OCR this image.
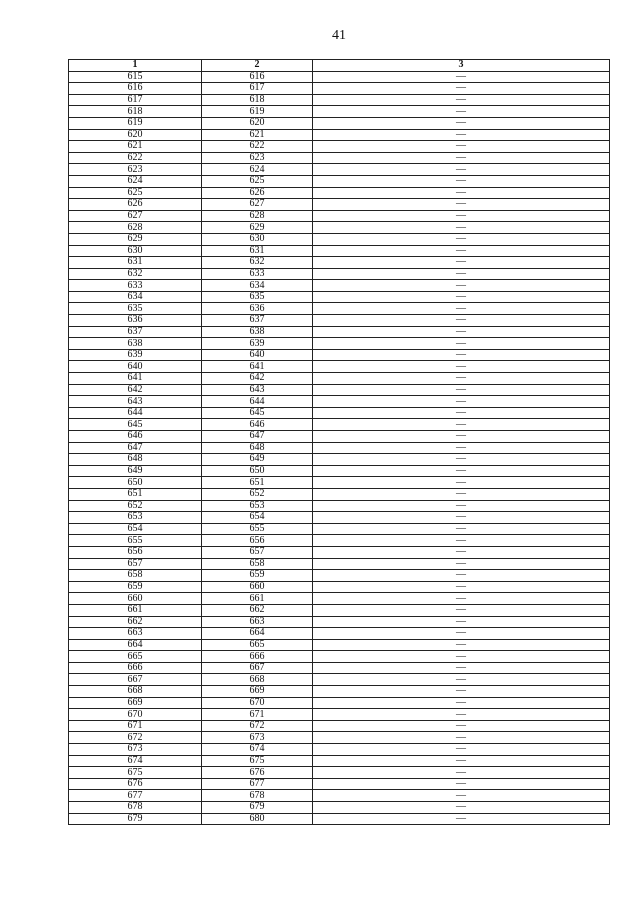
41
1	2	3
615	616	—
616	617	—
617	618	—
618	619	—
619	620	—
620	621	—
621	622	—
622	623	—
623	624	—
624	625	—
625	626	—
626	627	—
627	628	—
628	629	—
629	630	—
630	631	—
631	632	—
632	633	—
633	634	—
634	635	—
635	636	—
636	637	—
637	638	—
638	639	—
639	640	—
640	641	—
641	642	—
642	643	—
643	644	—
644	645	—
645	646	—
646	647	—
647	648	—
648	649	—
649	650	—
650	651	—
651	652	—
652	653	—
653	654	—
654	655	—
655	656	—
656	657	—
657	658	—
658	659	—
659	660	—
660	661	—
661	662	—
662	663	—
663	664	—
664	665	—
665	666	—
666	667	—
667	668	—
668	669	—
669	670	—
670	671	—
671	672	—
672	673	—
673	674	—
674	675	—
675	676	—
676	677	—
677	678	—
678	679	—
679	680	—
